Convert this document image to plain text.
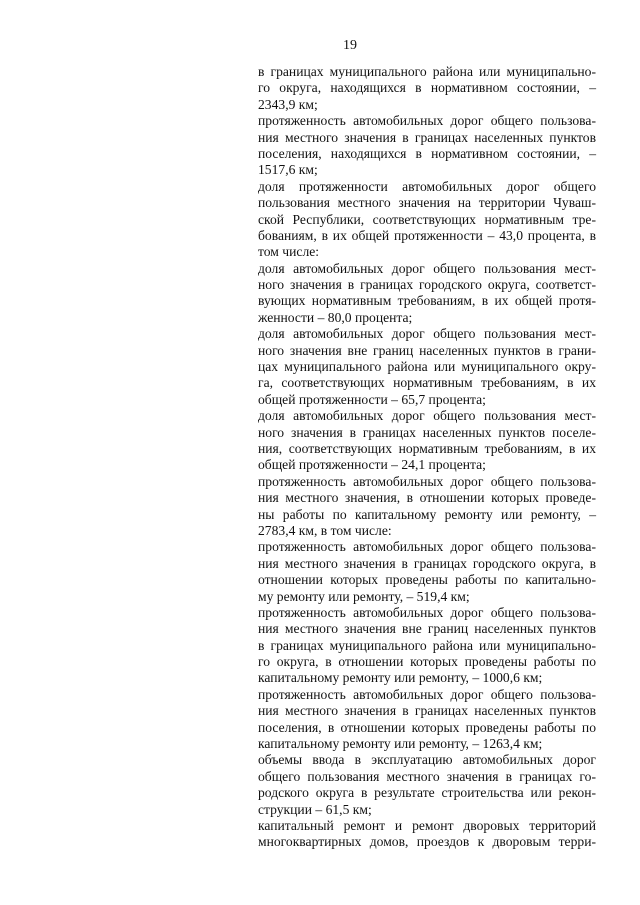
19
в границах муниципального района или муниципально-
го округа, находящихся в нормативном состоянии, –
2343,9 км;
протяженность автомобильных дорог общего пользова-
ния местного значения в границах населенных пунктов
поселения, находящихся в нормативном состоянии, –
1517,6 км;
доля протяженности автомобильных дорог общего
пользования местного значения на территории Чуваш-
ской Республики, соответствующих нормативным тре-
бованиям, в их общей протяженности – 43,0 процента, в
том числе:
доля автомобильных дорог общего пользования мест-
ного значения в границах городского округа, соответст-
вующих нормативным требованиям, в их общей протя-
женности – 80,0 процента;
доля автомобильных дорог общего пользования мест-
ного значения вне границ населенных пунктов в грани-
цах муниципального района или муниципального окру-
га, соответствующих нормативным требованиям, в их
общей протяженности – 65,7 процента;
доля автомобильных дорог общего пользования мест-
ного значения в границах населенных пунктов поселе-
ния, соответствующих нормативным требованиям, в их
общей протяженности – 24,1 процента;
протяженность автомобильных дорог общего пользова-
ния местного значения, в отношении которых проведе-
ны работы по капитальному ремонту или ремонту, –
2783,4 км, в том числе:
протяженность автомобильных дорог общего пользова-
ния местного значения в границах городского округа, в
отношении которых проведены работы по капитально-
му ремонту или ремонту, – 519,4 км;
протяженность автомобильных дорог общего пользова-
ния местного значения вне границ населенных пунктов
в границах муниципального района или муниципально-
го округа, в отношении которых проведены работы по
капитальному ремонту или ремонту, – 1000,6 км;
протяженность автомобильных дорог общего пользова-
ния местного значения в границах населенных пунктов
поселения, в отношении которых проведены работы по
капитальному ремонту или ремонту, – 1263,4 км;
объемы ввода в эксплуатацию автомобильных дорог
общего пользования местного значения в границах го-
родского округа в результате строительства или рекон-
струкции – 61,5 км;
капитальный ремонт и ремонт дворовых территорий
многоквартирных домов, проездов к дворовым терри-
